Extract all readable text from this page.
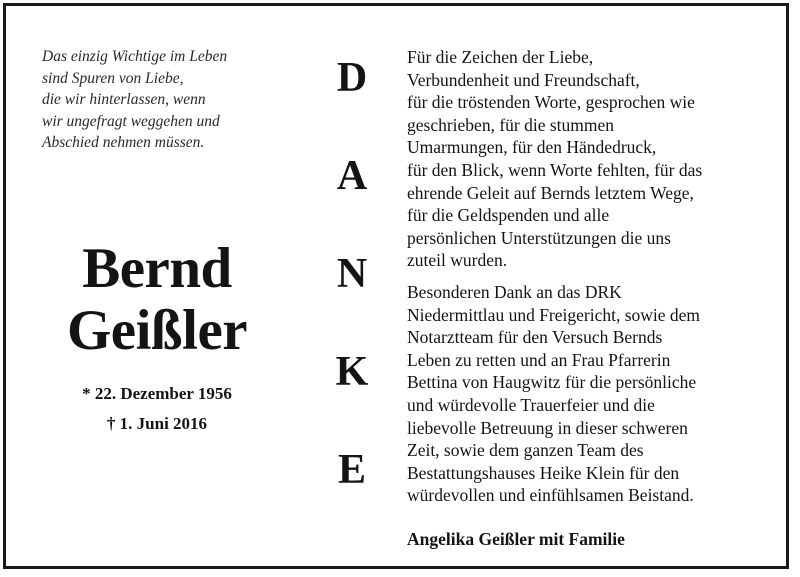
Das einzig Wichtige im Leben
sind Spuren von Liebe,
die wir hinterlassen, wenn
wir ungefragt weggehen und
Abschied nehmen müssen.
Bernd
Geißler
* 22. Dezember 1956
† 1. Juni 2016
D
A
N
K
E
Für die Zeichen der Liebe,
Verbundenheit und Freundschaft,
für die tröstenden Worte, gesprochen wie
geschrieben, für die stummen
Umarmungen, für den Händedruck,
für den Blick, wenn Worte fehlten, für das
ehrende Geleit auf Bernds letztem Wege,
für die Geldspenden und alle
persönlichen Unterstützungen die uns
zuteil wurden.
Besonderen Dank an das DRK
Niedermittlau und Freigericht, sowie dem
Notarztteam für den Versuch Bernds
Leben zu retten und an Frau Pfarrerin
Bettina von Haugwitz für die persönliche
und würdevolle Trauerfeier und die
liebevolle Betreuung in dieser schweren
Zeit, sowie dem ganzen Team des
Bestattungshauses Heike Klein für den
würdevollen und einfühlsamen Beistand.
Angelika Geißler mit Familie
